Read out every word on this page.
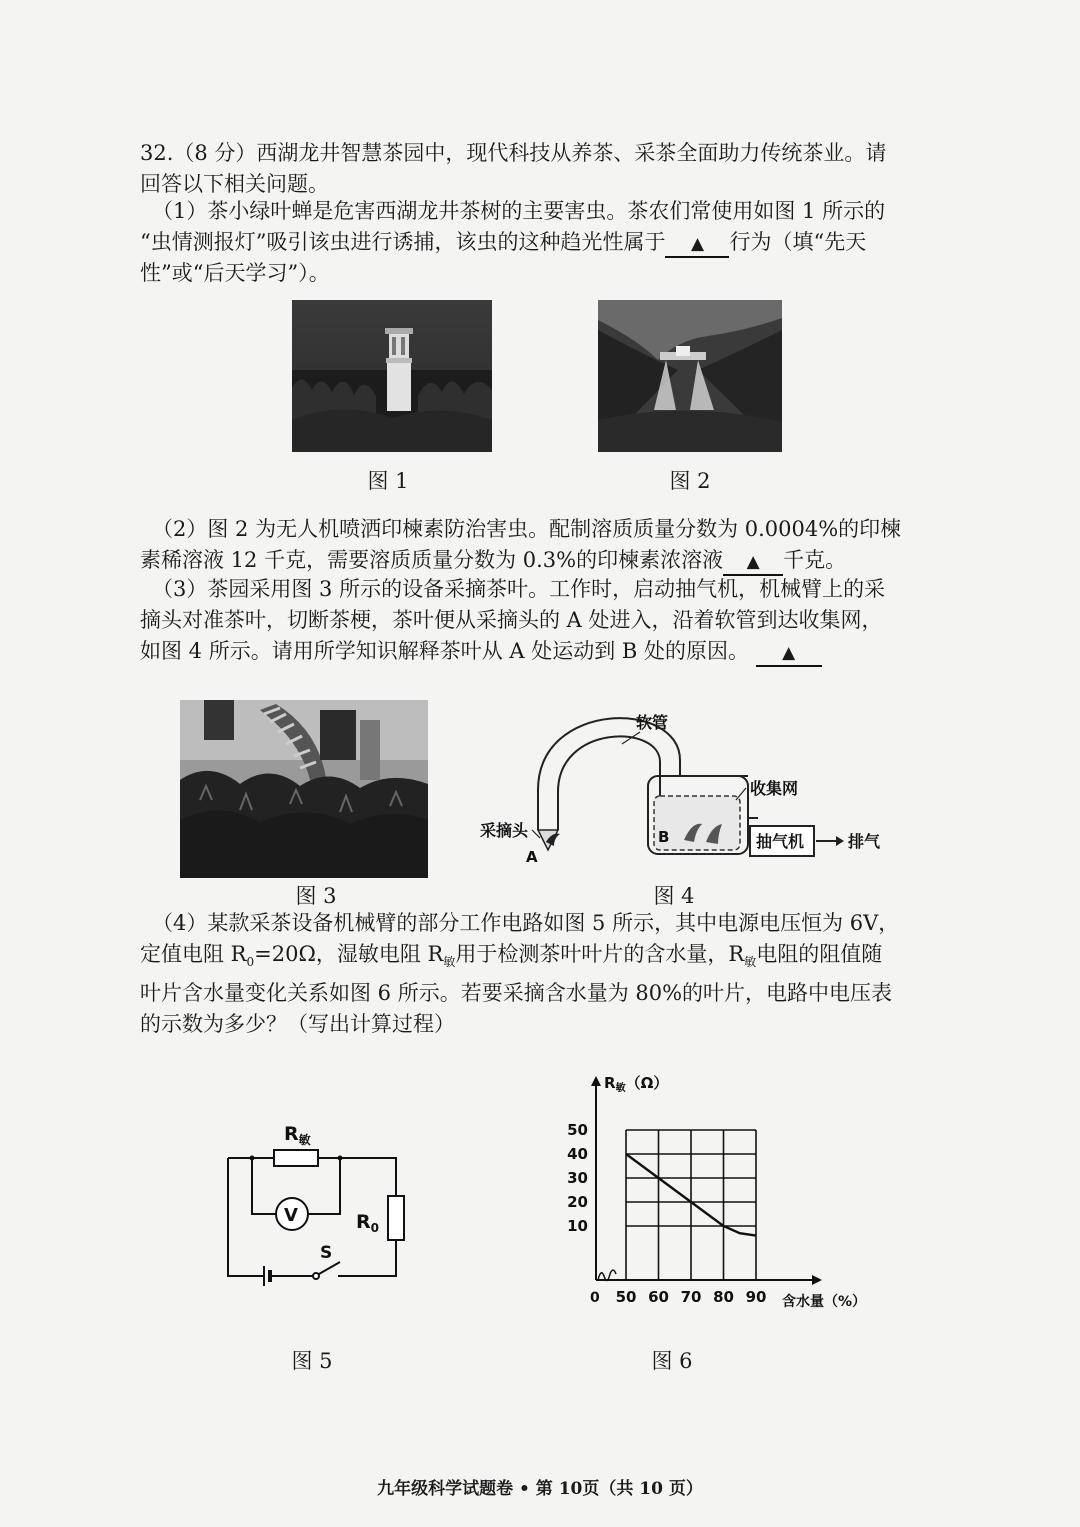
32.（8 分）西湖龙井智慧茶园中，现代科技从养茶、采茶全面助力传统茶业。请
回答以下相关问题。
（1）茶小绿叶蝉是危害西湖龙井茶树的主要害虫。茶农们常使用如图 1 所示的
“虫情测报灯”吸引该虫进行诱捕，该虫的这种趋光性属于 ▲ 行为（填“先天
性”或“后天学习”）。
图 1	图 2
（2）图 2 为无人机喷洒印楝素防治害虫。配制溶质质量分数为 0.0004%的印楝
素稀溶液 12 千克，需要溶质质量分数为 0.3%的印楝素浓溶液 ▲ 千克。
（3）茶园采用图 3 所示的设备采摘茶叶。工作时，启动抽气机，机械臂上的采
摘头对准茶叶，切断茶梗，茶叶便从采摘头的 A 处进入，沿着软管到达收集网，
如图 4 所示。请用所学知识解释茶叶从 A 处运动到 B 处的原因。 ▲
软管
收集网
采摘头
A
B	抽气机	排气
图 3	图 4
（4）某款采茶设备机械臂的部分工作电路如图 5 所示，其中电源电压恒为 6V，
定值电阻 $R_0=20\Omega$，湿敏电阻 $R_敏$用于检测茶叶叶片的含水量，$R_敏$电阻的阻值随
叶片含水量变化关系如图 6 所示。若要采摘含水量为 80%的叶片，电路中电压表
的示数为多少？（写出计算过程）
V
$R_敏$
$R_0$
S
$R_敏(\Omega)$
含水量（%）
0
10
20
30
40
50
50 60 70 80 90
图 5	图 6
九年级科学试题卷 • 第 10页（共 10 页）
